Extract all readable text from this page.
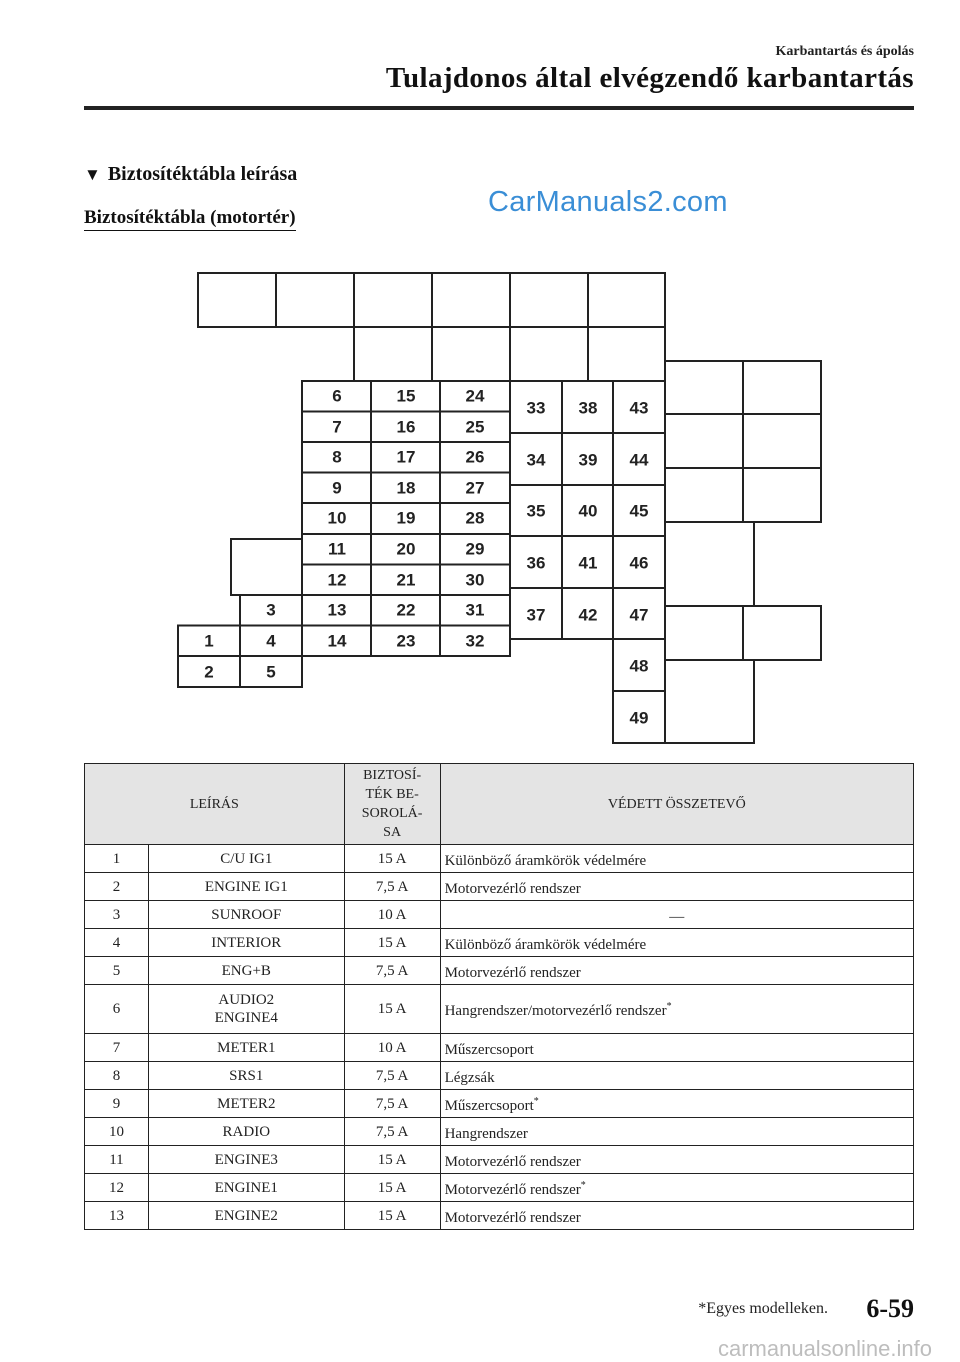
Karbantartás és ápolás
Tulajdonos által elvégzendő karbantartás
▼ Biztosítéktábla leírása
Biztosítéktábla (motortér)	CarManuals2.com
1
2
3
4
5
6
7
8
9
10
11
12
13
14
15
16
17
18
19
20
21
22
23
24
25
26
27
28
29
30
31
32
33
34
35
36
37
38
39
40
41
42
43
44
45
46
47
48
49
LEÍRÁS		BIZTOSÍ-
TÉK BE-
SOROLÁ-
SA	VÉDETT ÖSSZETEVŐ
1	C/U IG1	15 A	Különböző áramkörök védelmére
2	ENGINE IG1	7,5 A	Motorvezérlő rendszer
3	SUNROOF	10 A	―
4	INTERIOR	15 A	Különböző áramkörök védelmére
5	ENG+B	7,5 A	Motorvezérlő rendszer
6	AUDIO2
ENGINE4	15 A	Hangrendszer/motorvezérlő rendszer*
7	METER1	10 A	Műszercsoport
8	SRS1	7,5 A	Légzsák
9	METER2	7,5 A	Műszercsoport*
10	RADIO	7,5 A	Hangrendszer
11	ENGINE3	15 A	Motorvezérlő rendszer
12	ENGINE1	15 A	Motorvezérlő rendszer*
13	ENGINE2	15 A	Motorvezérlő rendszer
*Egyes modelleken. 6-59
carmanualsonline.info
